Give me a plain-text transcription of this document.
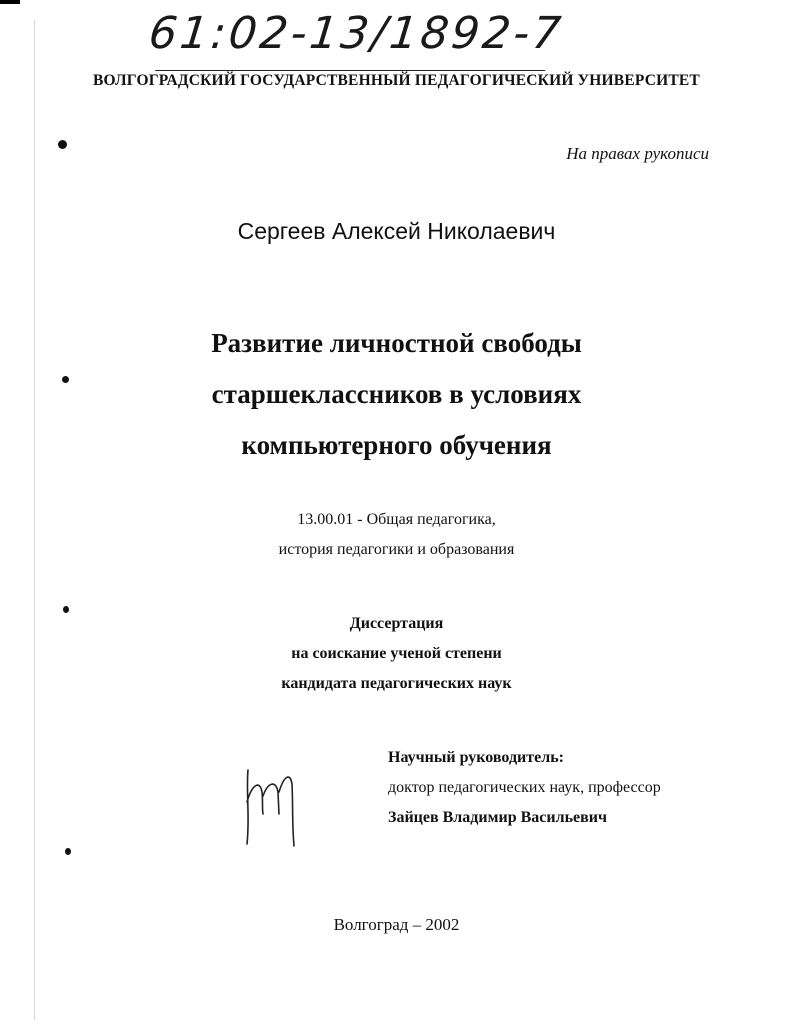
61:02-13/1892-7
ВОЛГОГРАДСКИЙ ГОСУДАРСТВЕННЫЙ ПЕДАГОГИЧЕСКИЙ УНИВЕРСИТЕТ
На правах рукописи
Сергеев Алексей Николаевич
Развитие личностной свободы
старшеклассников в условиях
компьютерного обучения
13.00.01 - Общая педагогика,
история педагогики и образования
Диссертация
на соискание ученой степени
кандидата педагогических наук
Научный руководитель:
доктор педагогических наук, профессор
Зайцев Владимир Васильевич
Волгоград – 2002
